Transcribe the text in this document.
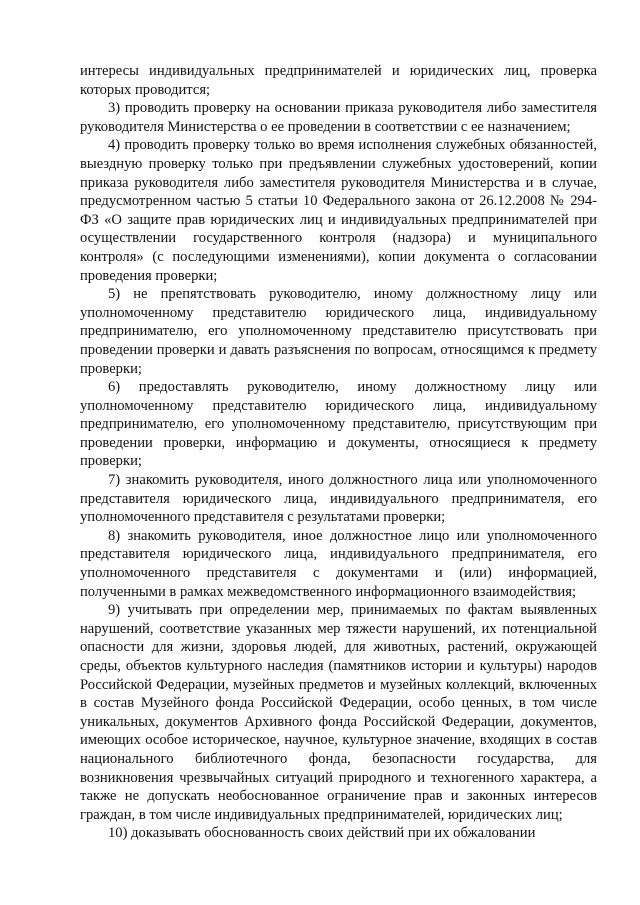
интересы индивидуальных предпринимателей и юридических лиц, проверка которых проводится;

3) проводить проверку на основании приказа руководителя либо заместителя руководителя Министерства о ее проведении в соответствии с ее назначением;

4) проводить проверку только во время исполнения служебных обязанностей, выездную проверку только при предъявлении служебных удостоверений, копии приказа руководителя либо заместителя руководителя Министерства и в случае, предусмотренном частью 5 статьи 10 Федерального закона от 26.12.2008 № 294-ФЗ «О защите прав юридических лиц и индивидуальных предпринимателей при осуществлении государственного контроля (надзора) и муниципального контроля» (с последующими изменениями), копии документа о согласовании проведения проверки;

5) не препятствовать руководителю, иному должностному лицу или уполномоченному представителю юридического лица, индивидуальному предпринимателю, его уполномоченному представителю присутствовать при проведении проверки и давать разъяснения по вопросам, относящимся к предмету проверки;

6) предоставлять руководителю, иному должностному лицу или уполномоченному представителю юридического лица, индивидуальному предпринимателю, его уполномоченному представителю, присутствующим при проведении проверки, информацию и документы, относящиеся к предмету проверки;

7) знакомить руководителя, иного должностного лица или уполномоченного представителя юридического лица, индивидуального предпринимателя, его уполномоченного представителя с результатами проверки;

8) знакомить руководителя, иное должностное лицо или уполномоченного представителя юридического лица, индивидуального предпринимателя, его уполномоченного представителя с документами и (или) информацией, полученными в рамках межведомственного информационного взаимодействия;

9) учитывать при определении мер, принимаемых по фактам выявленных нарушений, соответствие указанных мер тяжести нарушений, их потенциальной опасности для жизни, здоровья людей, для животных, растений, окружающей среды, объектов культурного наследия (памятников истории и культуры) народов Российской Федерации, музейных предметов и музейных коллекций, включенных в состав Музейного фонда Российской Федерации, особо ценных, в том числе уникальных, документов Архивного фонда Российской Федерации, документов, имеющих особое историческое, научное, культурное значение, входящих в состав национального библиотечного фонда, безопасности государства, для возникновения чрезвычайных ситуаций природного и техногенного характера, а также не допускать необоснованное ограничение прав и законных интересов граждан, в том числе индивидуальных предпринимателей, юридических лиц;

10) доказывать обоснованность своих действий при их обжаловании
